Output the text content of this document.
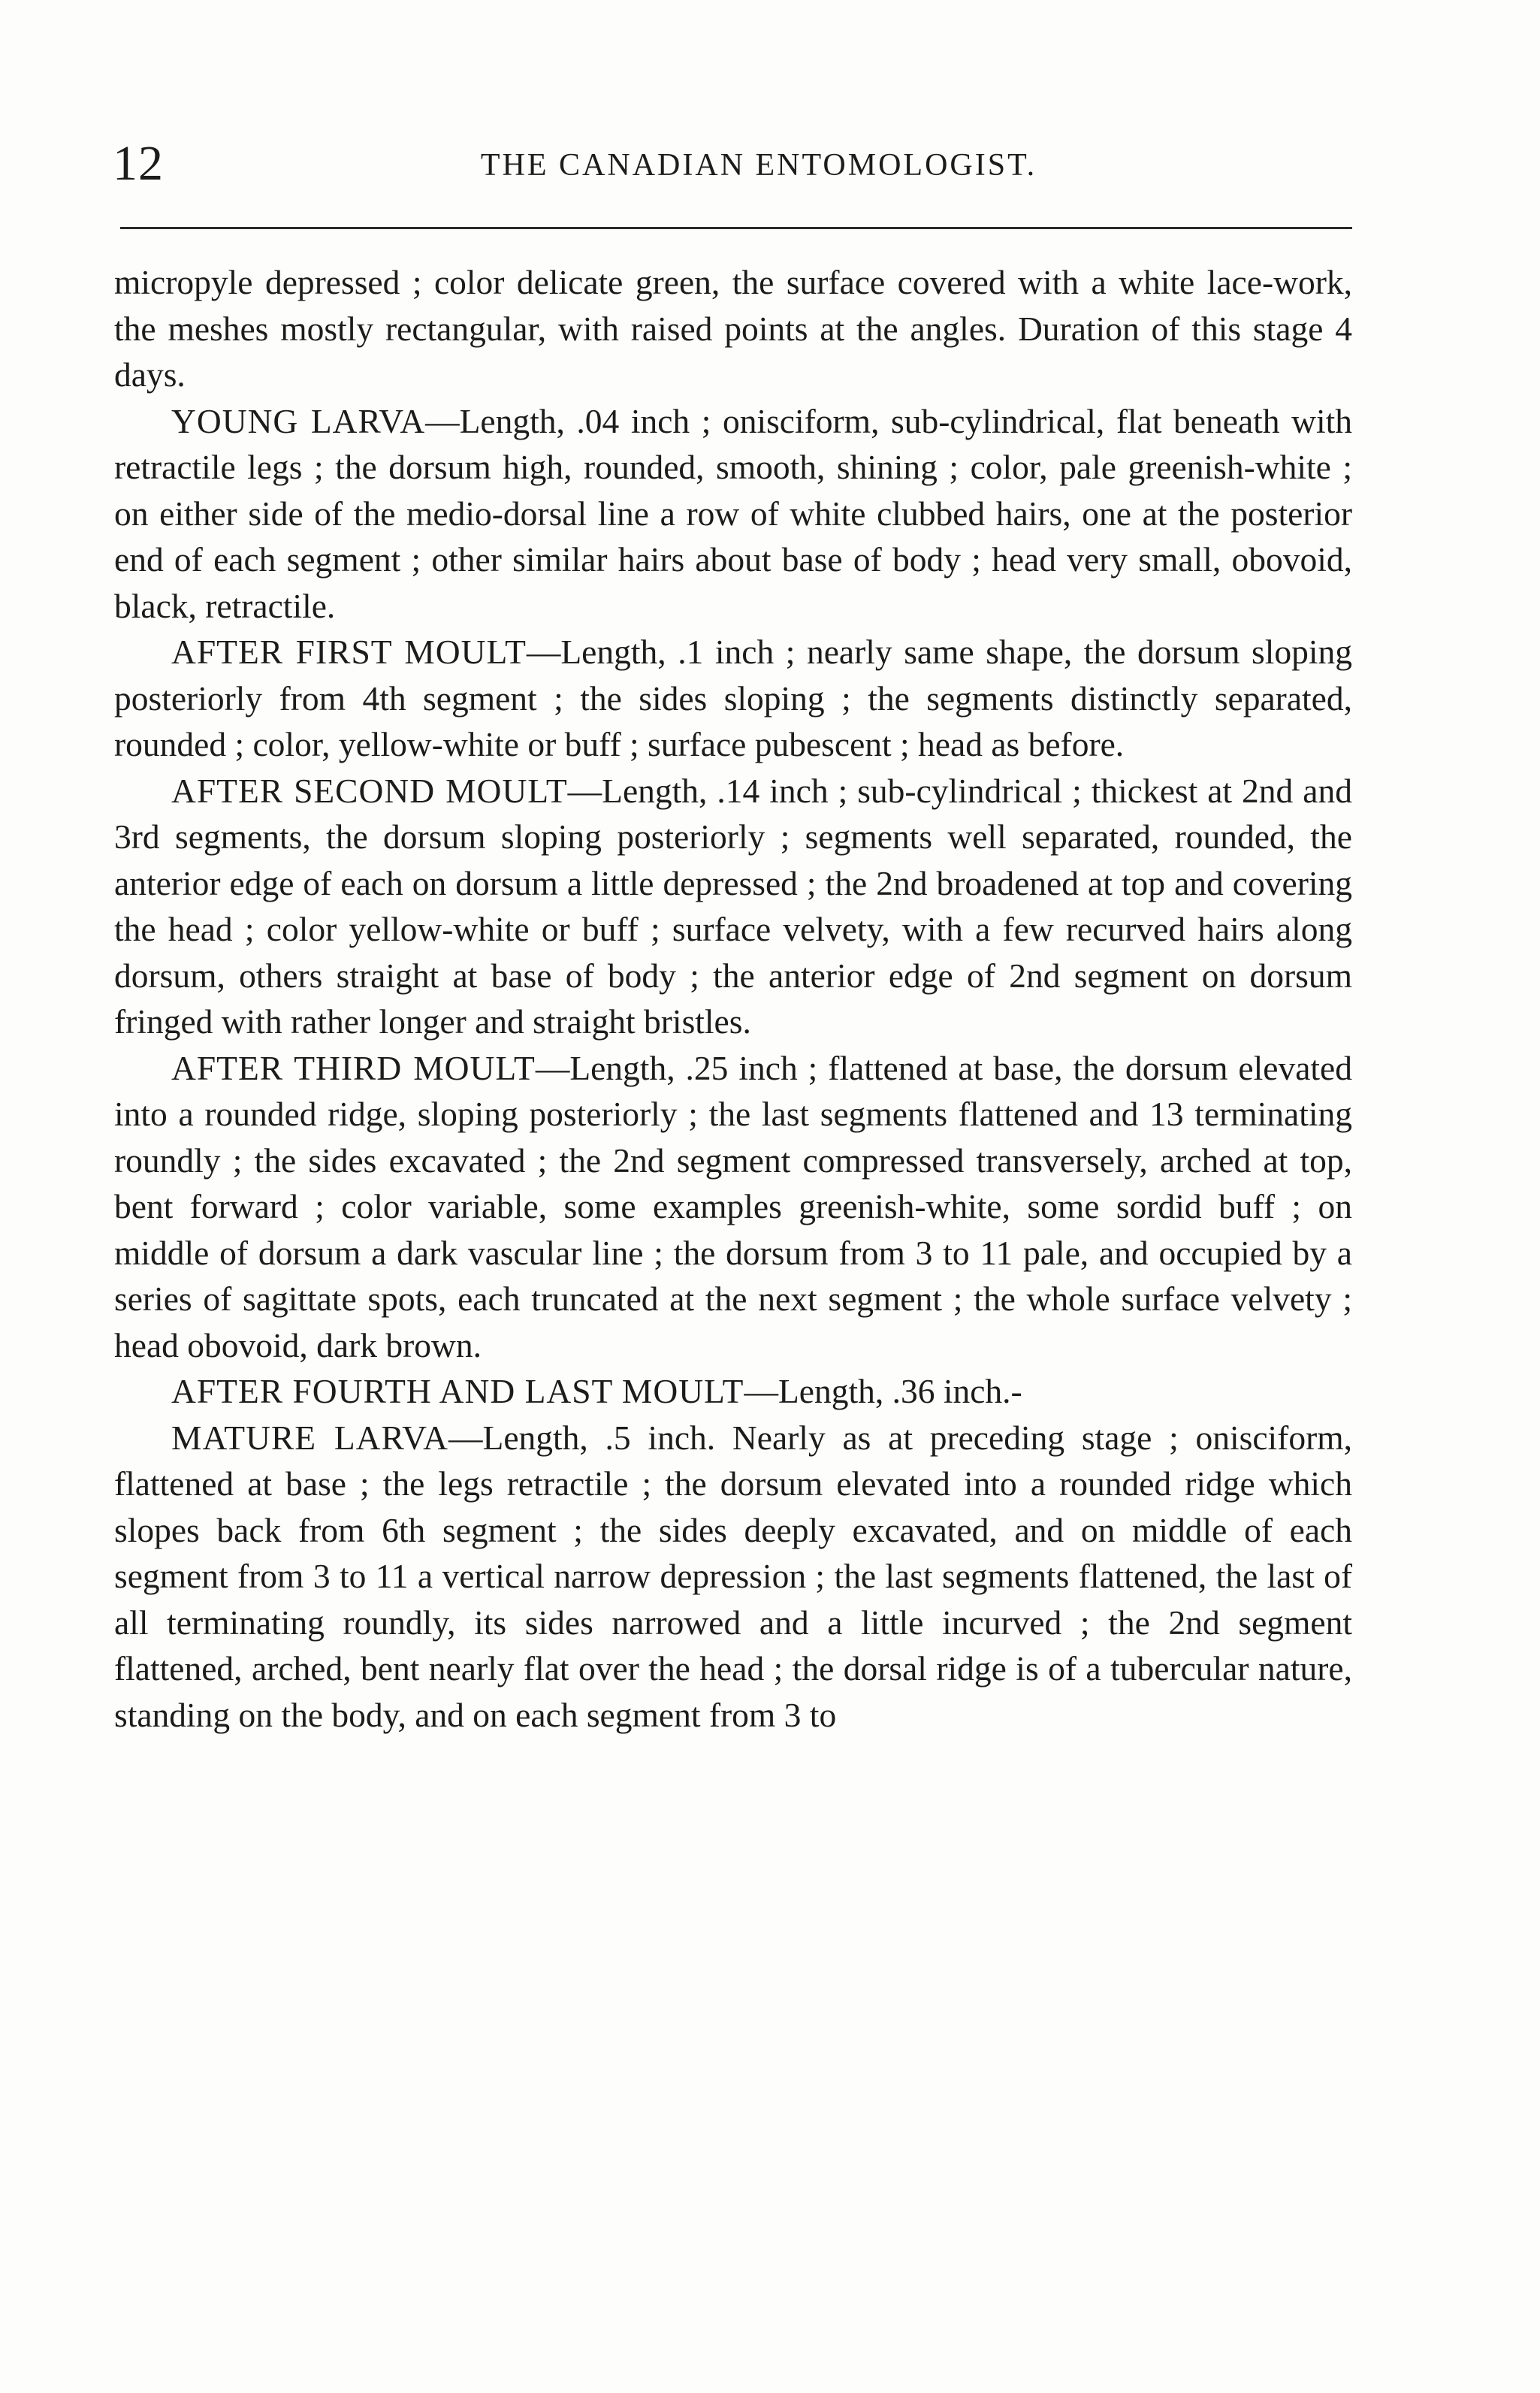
12	THE CANADIAN ENTOMOLOGIST.

micropyle depressed ; color delicate green, the surface covered with a white lace-work, the meshes mostly rectangular, with raised points at the angles. Duration of this stage 4 days.

YOUNG LARVA—Length, .04 inch ; onisciform, sub-cylindrical, flat beneath with retractile legs ; the dorsum high, rounded, smooth, shining ; color, pale greenish-white ; on either side of the medio-dorsal line a row of white clubbed hairs, one at the posterior end of each segment ; other similar hairs about base of body ; head very small, obovoid, black, retractile.

AFTER FIRST MOULT—Length, .1 inch ; nearly same shape, the dorsum sloping posteriorly from 4th segment ; the sides sloping ; the segments distinctly separated, rounded ; color, yellow-white or buff ; surface pubescent ; head as before.

AFTER SECOND MOULT—Length, .14 inch ; sub-cylindrical ; thickest at 2nd and 3rd segments, the dorsum sloping posteriorly ; segments well separated, rounded, the anterior edge of each on dorsum a little depressed ; the 2nd broadened at top and covering the head ; color yellow-white or buff ; surface velvety, with a few recurved hairs along dorsum, others straight at base of body ; the anterior edge of 2nd segment on dorsum fringed with rather longer and straight bristles.

AFTER THIRD MOULT—Length, .25 inch ; flattened at base, the dorsum elevated into a rounded ridge, sloping posteriorly ; the last segments flattened and 13 terminating roundly ; the sides excavated ; the 2nd segment compressed transversely, arched at top, bent forward ; color variable, some examples greenish-white, some sordid buff ; on middle of dorsum a dark vascular line ; the dorsum from 3 to 11 pale, and occupied by a series of sagittate spots, each truncated at the next segment ; the whole surface velvety ; head obovoid, dark brown.

AFTER FOURTH AND LAST MOULT—Length, .36 inch.-

MATURE LARVA—Length, .5 inch. Nearly as at preceding stage ; onisciform, flattened at base ; the legs retractile ; the dorsum elevated into a rounded ridge which slopes back from 6th segment ; the sides deeply excavated, and on middle of each segment from 3 to 11 a vertical narrow depression ; the last segments flattened, the last of all terminating roundly, its sides narrowed and a little incurved ; the 2nd segment flattened, arched, bent nearly flat over the head ; the dorsal ridge is of a tubercular nature, standing on the body, and on each segment from 3 to
